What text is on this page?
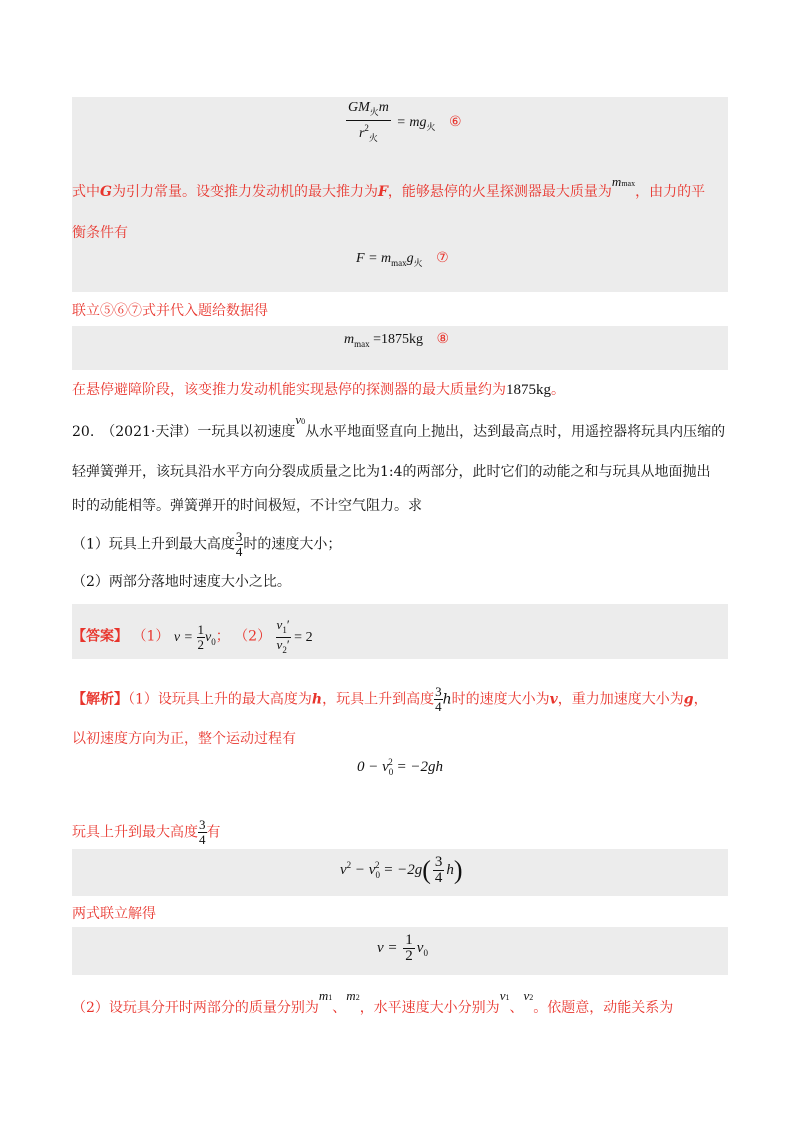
$\frac{GM_火m}{r^2_火} = mg_火$ ⑥
式中G为引力常量。设变推力发动机的最大推力为F，能够悬停的火星探测器最大质量为mmax，由力的平
衡条件有
$F = m_{max}g_火$ ⑦
联立⑤⑥⑦式并代入题给数据得
$m_{max} =1875kg$ ⑧
在悬停避障阶段，该变推力发动机能实现悬停的探测器的最大质量约为1875kg。
20.　（2021·天津）一玩具以初速度v0从水平地面竖直向上抛出，达到最高点时，用遥控器将玩具内压缩的
轻弹簧弹开，该玩具沿水平方向分裂成质量之比为1:4的两部分，此时它们的动能之和与玩具从地面抛出
时的动能相等。弹簧弹开的时间极短，不计空气阻力。求
（1）玩具上升到最大高度 $\frac{3}{4}$ 时的速度大小；
（2）两部分落地时速度大小之比。
【答案】 （1） $v = \frac{1}{2} v_0$； $(2) \frac{v_1'}{v_2'} = 2$
【解析】（1）设玩具上升的最大高度为h，玩具上升到高度 $\frac{3}{4}$ h时的速度大小为v，重力加速度大小为g，
以初速度方向为正，整个运动过程有
$0 - v_0^2 = -2gh$
玩具上升到最大高度 $\frac{3}{4}$ 有
$v^2 - v_0^2 = -2g( \frac{3}{4} h)$
两式联立解得
$v = \frac{1}{2} v_0$
（2）设玩具分开时两部分的质量分别为m1、m2，水平速度大小分别为v1、v2。依题意，动能关系为
